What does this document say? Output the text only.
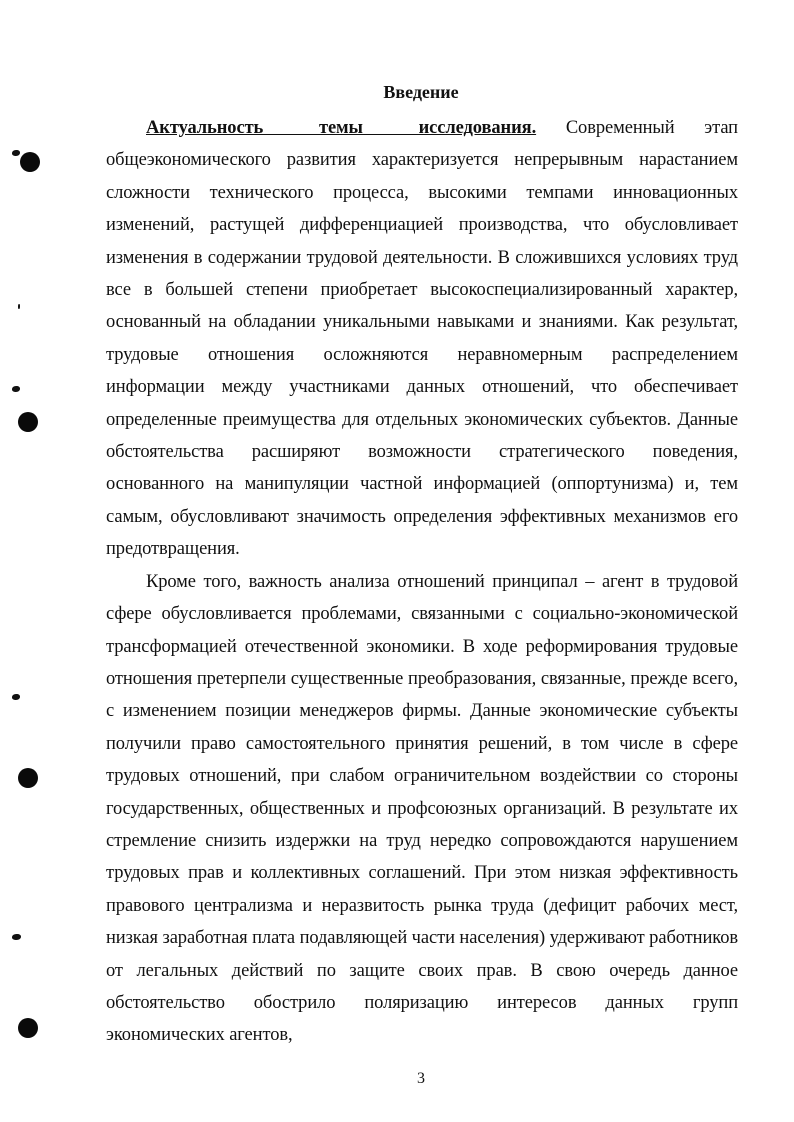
Введение

Актуальность темы исследования. Современный этап общеэкономического развития характеризуется непрерывным нарастанием сложности технического процесса, высокими темпами инновационных изменений, растущей дифференциацией производства, что обусловливает изменения в содержании трудовой деятельности. В сложившихся условиях труд все в большей степени приобретает высокоспециализированный характер, основанный на обладании уникальными навыками и знаниями. Как результат, трудовые отношения осложняются неравномерным распределением информации между участниками данных отношений, что обеспечивает определенные преимущества для отдельных экономических субъектов. Данные обстоятельства расширяют возможности стратегического поведения, основанного на манипуляции частной информацией (оппортунизма) и, тем самым, обусловливают значимость определения эффективных механизмов его предотвращения.

Кроме того, важность анализа отношений принципал – агент в трудовой сфере обусловливается проблемами, связанными с социально-экономической трансформацией отечественной экономики. В ходе реформирования трудовые отношения претерпели существенные преобразования, связанные, прежде всего, с изменением позиции менеджеров фирмы. Данные экономические субъекты получили право самостоятельного принятия решений, в том числе в сфере трудовых отношений, при слабом ограничительном воздействии со стороны государственных, общественных и профсоюзных организаций. В результате их стремление снизить издержки на труд нередко сопровождаются нарушением трудовых прав и коллективных соглашений. При этом низкая эффективность правового централизма и неразвитость рынка труда (дефицит рабочих мест, низкая заработная плата подавляющей части населения) удерживают работников от легальных действий по защите своих прав. В свою очередь данное обстоятельство обострило поляризацию интересов данных групп экономических агентов,

3
